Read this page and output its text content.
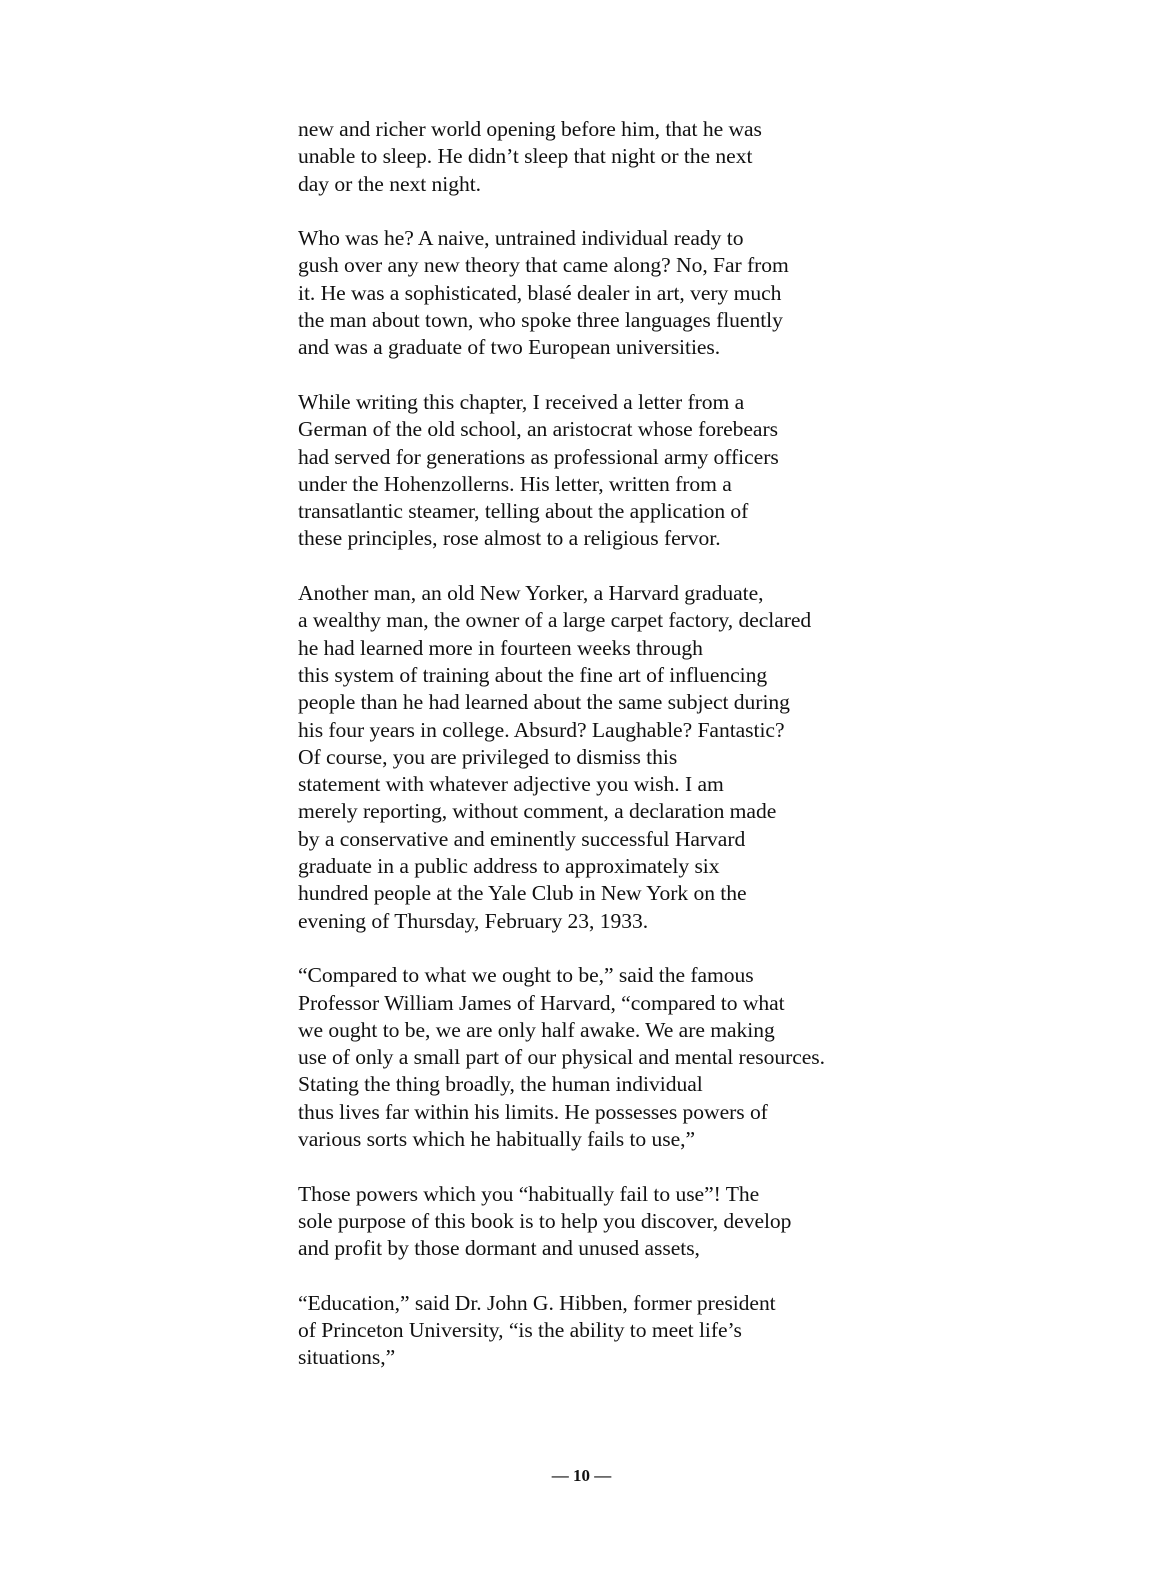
new and richer world opening before him, that he was
unable to sleep. He didn’t sleep that night or the next
day or the next night.

Who was he? A naive, untrained individual ready to
gush over any new theory that came along? No, Far from
it. He was a sophisticated, blasé dealer in art, very much
the man about town, who spoke three languages fluently
and was a graduate of two European universities.

While writing this chapter, I received a letter from a
German of the old school, an aristocrat whose forebears
had served for generations as professional army officers
under the Hohenzollerns. His letter, written from a
transatlantic steamer, telling about the application of
these principles, rose almost to a religious fervor.

Another man, an old New Yorker, a Harvard graduate,
a wealthy man, the owner of a large carpet factory, declared
he had learned more in fourteen weeks through
this system of training about the fine art of influencing
people than he had learned about the same subject during
his four years in college. Absurd? Laughable? Fantastic?
Of course, you are privileged to dismiss this
statement with whatever adjective you wish. I am
merely reporting, without comment, a declaration made
by a conservative and eminently successful Harvard
graduate in a public address to approximately six
hundred people at the Yale Club in New York on the
evening of Thursday, February 23, 1933.

“Compared to what we ought to be,” said the famous
Professor William James of Harvard, “compared to what
we ought to be, we are only half awake. We are making
use of only a small part of our physical and mental resources.
Stating the thing broadly, the human individual
thus lives far within his limits. He possesses powers of
various sorts which he habitually fails to use,”

Those powers which you “habitually fail to use”! The
sole purpose of this book is to help you discover, develop
and profit by those dormant and unused assets,

“Education,” said Dr. John G. Hibben, former president
of Princeton University, “is the ability to meet life’s
situations,”

— 10 —
